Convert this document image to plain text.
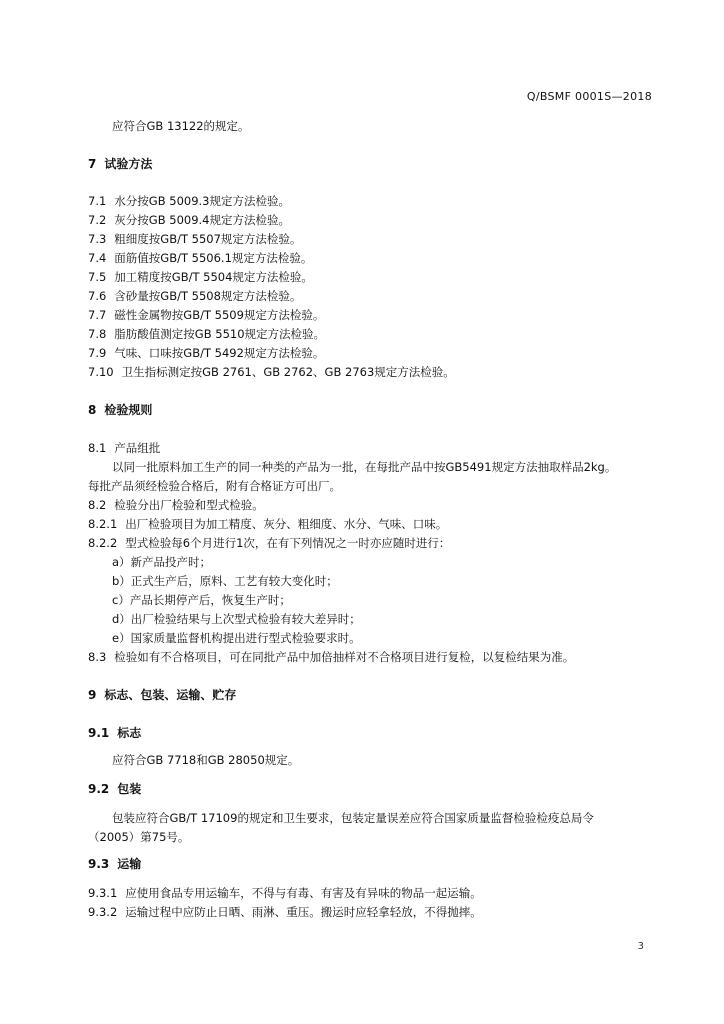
Q/BSMF 0001S—2018
应符合GB 13122的规定。
7 试验方法
7.1 水分按GB 5009.3规定方法检验。
7.2 灰分按GB 5009.4规定方法检验。
7.3 粗细度按GB/T 5507规定方法检验。
7.4 面筋值按GB/T 5506.1规定方法检验。
7.5 加工精度按GB/T 5504规定方法检验。
7.6 含砂量按GB/T 5508规定方法检验。
7.7 磁性金属物按GB/T 5509规定方法检验。
7.8 脂肪酸值测定按GB 5510规定方法检验。
7.9 气味、口味按GB/T 5492规定方法检验。
7.10 卫生指标测定按GB 2761、GB 2762、GB 2763规定方法检验。
8 检验规则
8.1 产品组批
以同一批原料加工生产的同一种类的产品为一批，在每批产品中按GB5491规定方法抽取样品2kg。
每批产品须经检验合格后，附有合格证方可出厂。
8.2 检验分出厂检验和型式检验。
8.2.1 出厂检验项目为加工精度、灰分、粗细度、水分、气味、口味。
8.2.2 型式检验每6个月进行1次，在有下列情况之一时亦应随时进行：
a）新产品投产时；
b）正式生产后，原料、工艺有较大变化时；
c）产品长期停产后，恢复生产时；
d）出厂检验结果与上次型式检验有较大差异时；
e）国家质量监督机构提出进行型式检验要求时。
8.3 检验如有不合格项目，可在同批产品中加倍抽样对不合格项目进行复检，以复检结果为准。
9 标志、包装、运输、贮存
9.1 标志
应符合GB 7718和GB 28050规定。
9.2 包装
包装应符合GB/T 17109的规定和卫生要求，包装定量误差应符合国家质量监督检验检疫总局令
（2005）第75号。
9.3 运输
9.3.1 应使用食品专用运输车，不得与有毒、有害及有异味的物品一起运输。
9.3.2 运输过程中应防止日晒、雨淋、重压。搬运时应轻拿轻放，不得抛摔。
3
